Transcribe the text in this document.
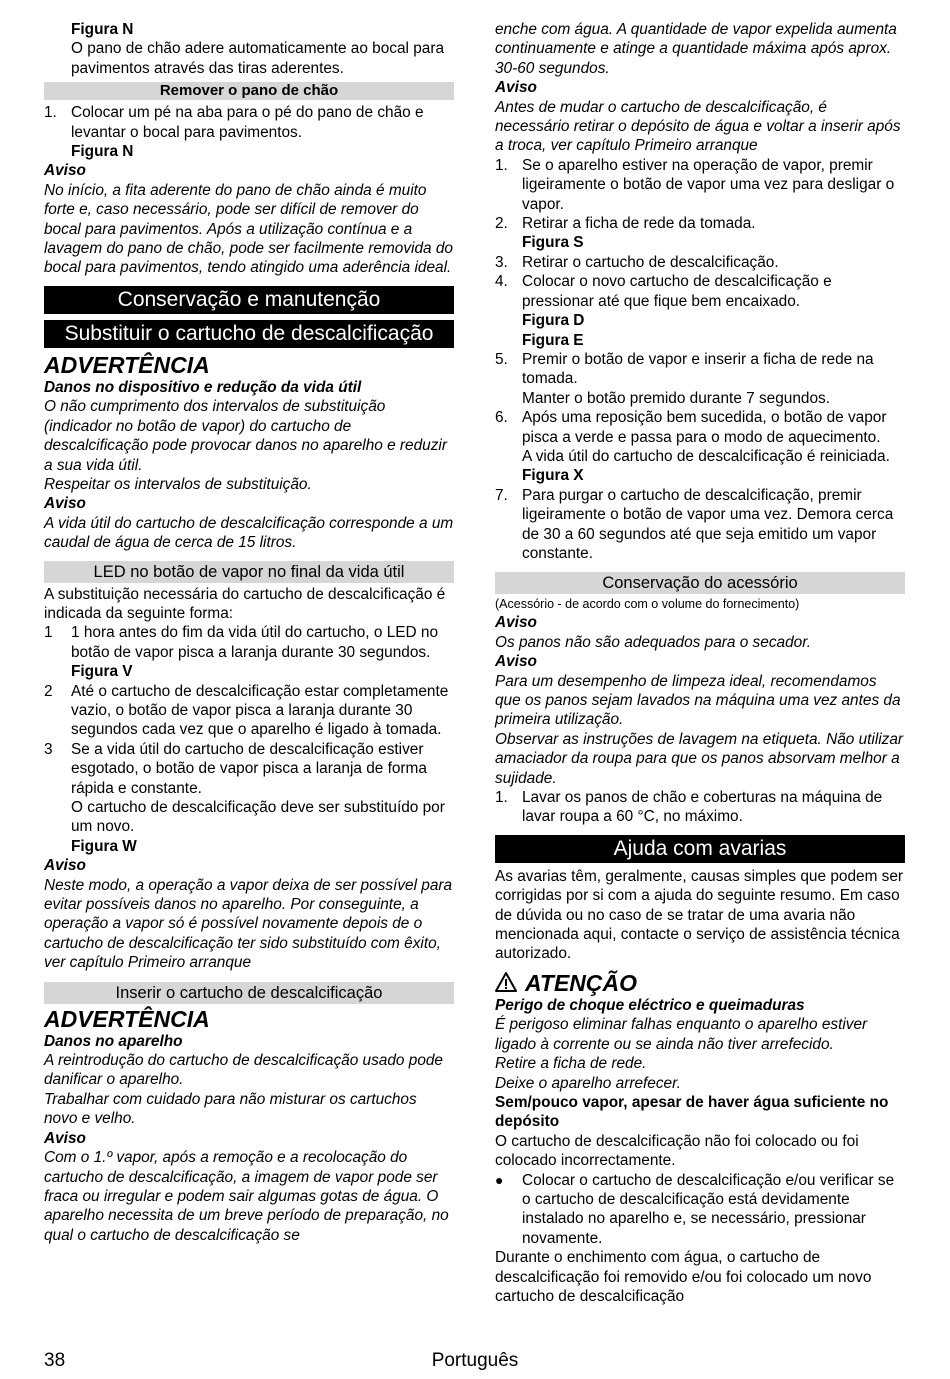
Figura N

O pano de chão adere automaticamente ao bocal para pavimentos através das tiras aderentes.

Remover o pano de chão
1. Colocar um pé na aba para o pé do pano de chão e levantar o bocal para pavimentos.

Figura N

Aviso

No início, a fita aderente do pano de chão ainda é muito forte e, caso necessário, pode ser difícil de remover do bocal para pavimentos. Após a utilização contínua e a lavagem do pano de chão, pode ser facilmente removida do bocal para pavimentos, tendo atingido uma aderência ideal.

Conservação e manutenção
Substituir o cartucho de descalcificação
ADVERTÊNCIA

Danos no dispositivo e redução da vida útil

O não cumprimento dos intervalos de substituição (indicador no botão de vapor) do cartucho de descalcificação pode provocar danos no aparelho e reduzir a sua vida útil.

Respeitar os intervalos de substituição.

Aviso

A vida útil do cartucho de descalcificação corresponde a um caudal de água de cerca de 15 litros.

LED no botão de vapor no final da vida útil

A substituição necessária do cartucho de descalcificação é indicada da seguinte forma:

1	1 hora antes do fim da vida útil do cartucho, o LED no botão de vapor pisca a laranja durante 30 segundos.

Figura V

2	Até o cartucho de descalcificação estar completamente vazio, o botão de vapor pisca a laranja durante 30 segundos cada vez que o aparelho é ligado à tomada.
3	Se a vida útil do cartucho de descalcificação estiver esgotado, o botão de vapor pisca a laranja de forma rápida e constante.

O cartucho de descalcificação deve ser substituído por um novo.

Figura W

Aviso

Neste modo, a operação a vapor deixa de ser possível para evitar possíveis danos no aparelho. Por conseguinte, a operação a vapor só é possível novamente depois de o cartucho de descalcificação ter sido substituído com êxito, ver capítulo Primeiro arranque

Inserir o cartucho de descalcificação
ADVERTÊNCIA

Danos no aparelho

A reintrodução do cartucho de descalcificação usado pode danificar o aparelho.

Trabalhar com cuidado para não misturar os cartuchos novo e velho.

Aviso

Com o 1.º vapor, após a remoção e a recolocação do cartucho de descalcificação, a imagem de vapor pode ser fraca ou irregular e podem sair algumas gotas de água. O aparelho necessita de um breve período de preparação, no qual o cartucho de descalcificação se

enche com água. A quantidade de vapor expelida aumenta continuamente e atinge a quantidade máxima após aprox. 30-60 segundos.

Aviso

Antes de mudar o cartucho de descalcificação, é necessário retirar o depósito de água e voltar a inserir após a troca, ver capítulo Primeiro arranque

1. Se o aparelho estiver na operação de vapor, premir ligeiramente o botão de vapor uma vez para desligar o vapor.
2. Retirar a ficha de rede da tomada.

Figura S

3. Retirar o cartucho de descalcificação.
4. Colocar o novo cartucho de descalcificação e pressionar até que fique bem encaixado.

Figura D

Figura E

5. Premir o botão de vapor e inserir a ficha de rede na tomada.

Manter o botão premido durante 7 segundos.

6. Após uma reposição bem sucedida, o botão de vapor pisca a verde e passa para o modo de aquecimento.

A vida útil do cartucho de descalcificação é reiniciada.

Figura X

7. Para purgar o cartucho de descalcificação, premir ligeiramente o botão de vapor uma vez. Demora cerca de 30 a 60 segundos até que seja emitido um vapor constante.
Conservação do acessório

(Acessório - de acordo com o volume do fornecimento)

Aviso

Os panos não são adequados para o secador.

Aviso

Para um desempenho de limpeza ideal, recomendamos que os panos sejam lavados na máquina uma vez antes da primeira utilização.

Observar as instruções de lavagem na etiqueta. Não utilizar amaciador da roupa para que os panos absorvam melhor a sujidade.

1. Lavar os panos de chão e coberturas na máquina de lavar roupa a 60 °C, no máximo.
Ajuda com avarias

As avarias têm, geralmente, causas simples que podem ser corrigidas por si com a ajuda do seguinte resumo. Em caso de dúvida ou no caso de se tratar de uma avaria não mencionada aqui, contacte o serviço de assistência técnica autorizado.

ATENÇÃO

Perigo de choque eléctrico e queimaduras

É perigoso eliminar falhas enquanto o aparelho estiver ligado à corrente ou se ainda não tiver arrefecido.

Retire a ficha de rede.

Deixe o aparelho arrefecer.

Sem/pouco vapor, apesar de haver água suficiente no depósito

O cartucho de descalcificação não foi colocado ou foi colocado incorrectamente.

●	Colocar o cartucho de descalcificação e/ou verificar se o cartucho de descalcificação está devidamente instalado no aparelho e, se necessário, pressionar novamente.

Durante o enchimento com água, o cartucho de descalcificação foi removido e/ou foi colocado um novo cartucho de descalcificação

38	Português
